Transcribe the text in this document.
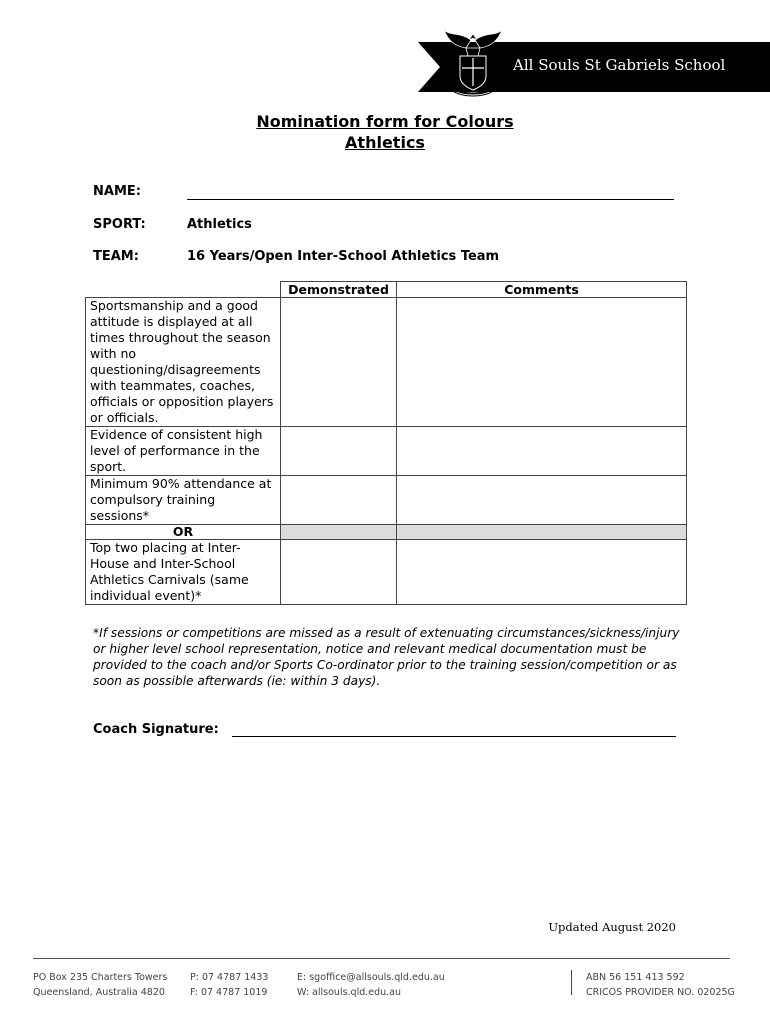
All Souls St Gabriels School
Nomination form for Colours
Athletics
NAME:
SPORT:	Athletics
TEAM:	16 Years/Open Inter-School Athletics Team
	Demonstrated	Comments
Sportsmanship and a good attitude is displayed at all times throughout the season with no questioning/disagreements with teammates, coaches, officials or opposition players or officials.		
Evidence of consistent high level of performance in the sport.		
Minimum 90% attendance at compulsory training sessions*		
OR		
Top two placing at Inter-House and Inter-School Athletics Carnivals (same individual event)*		
*If sessions or competitions are missed as a result of extenuating circumstances/sickness/injury or higher level school representation, notice and relevant medical documentation must be provided to the coach and/or Sports Co-ordinator prior to the training session/competition or as soon as possible afterwards (ie: within 3 days).
Coach Signature:
Updated August 2020
PO Box 235 Charters Towers
Queensland, Australia 4820
P: 07 4787 1433
F: 07 4787 1019
E: sgoffice@allsouls.qld.edu.au
W: allsouls.qld.edu.au
ABN 56 151 413 592
CRICOS PROVIDER NO. 02025G
